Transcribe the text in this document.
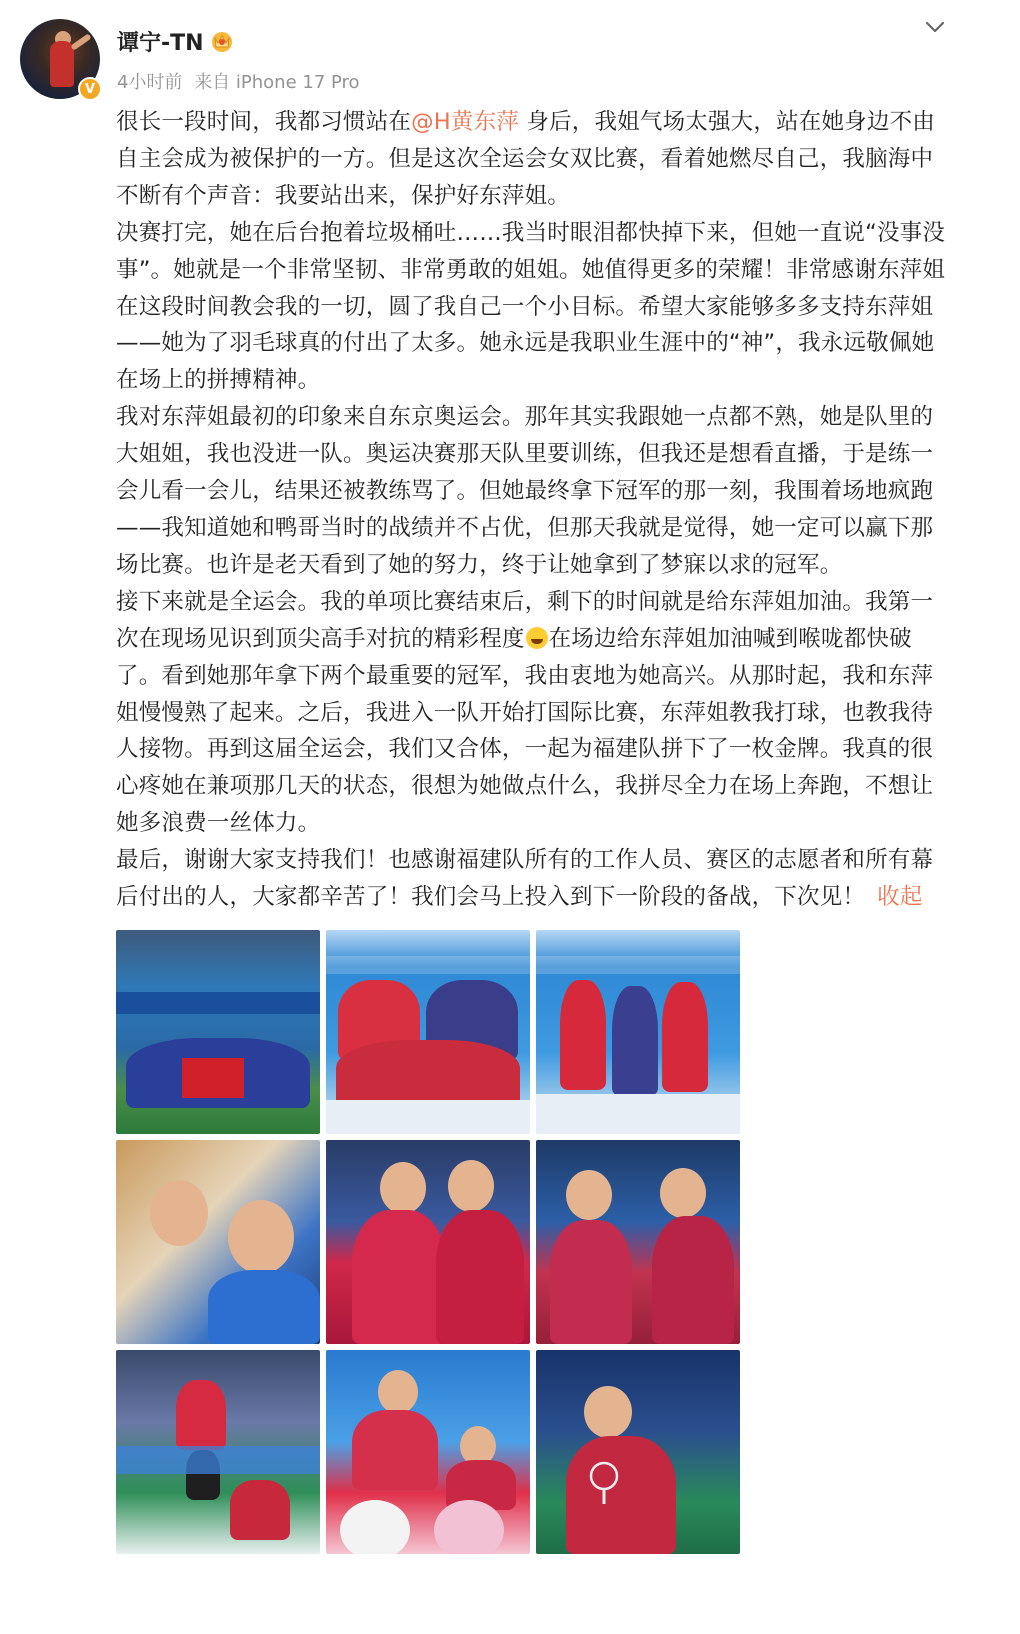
V
谭宁-TN
4小时前 来自 iPhone 17 Pro

很长一段时间，我都习惯站在@H黄东萍 身后，我姐气场太强大，站在她身边不由自主会成为被保护的一方。但是这次全运会女双比赛，看着她燃尽自己，我脑海中不断有个声音：我要站出来，保护好东萍姐。

决赛打完，她在后台抱着垃圾桶吐……我当时眼泪都快掉下来，但她一直说“没事没事”。她就是一个非常坚韧、非常勇敢的姐姐。她值得更多的荣耀！非常感谢东萍姐在这段时间教会我的一切，圆了我自己一个小目标。希望大家能够多多支持东萍姐——她为了羽毛球真的付出了太多。她永远是我职业生涯中的“神”，我永远敬佩她在场上的拼搏精神。

我对东萍姐最初的印象来自东京奥运会。那年其实我跟她一点都不熟，她是队里的大姐姐，我也没进一队。奥运决赛那天队里要训练，但我还是想看直播，于是练一会儿看一会儿，结果还被教练骂了。但她最终拿下冠军的那一刻，我围着场地疯跑——我知道她和鸭哥当时的战绩并不占优，但那天我就是觉得，她一定可以赢下那场比赛。也许是老天看到了她的努力，终于让她拿到了梦寐以求的冠军。

接下来就是全运会。我的单项比赛结束后，剩下的时间就是给东萍姐加油。我第一次在现场见识到顶尖高手对抗的精彩程度 在场边给东萍姐加油喊到喉咙都快破了。看到她那年拿下两个最重要的冠军，我由衷地为她高兴。从那时起，我和东萍姐慢慢熟了起来。之后，我进入一队开始打国际比赛，东萍姐教我打球，也教我待人接物。再到这届全运会，我们又合体，一起为福建队拼下了一枚金牌。我真的很心疼她在兼项那几天的状态，很想为她做点什么，我拼尽全力在场上奔跑，不想让她多浪费一丝体力。

最后，谢谢大家支持我们！也感谢福建队所有的工作人员、赛区的志愿者和所有幕后付出的人，大家都辛苦了！我们会马上投入到下一阶段的备战，下次见！ 收起
